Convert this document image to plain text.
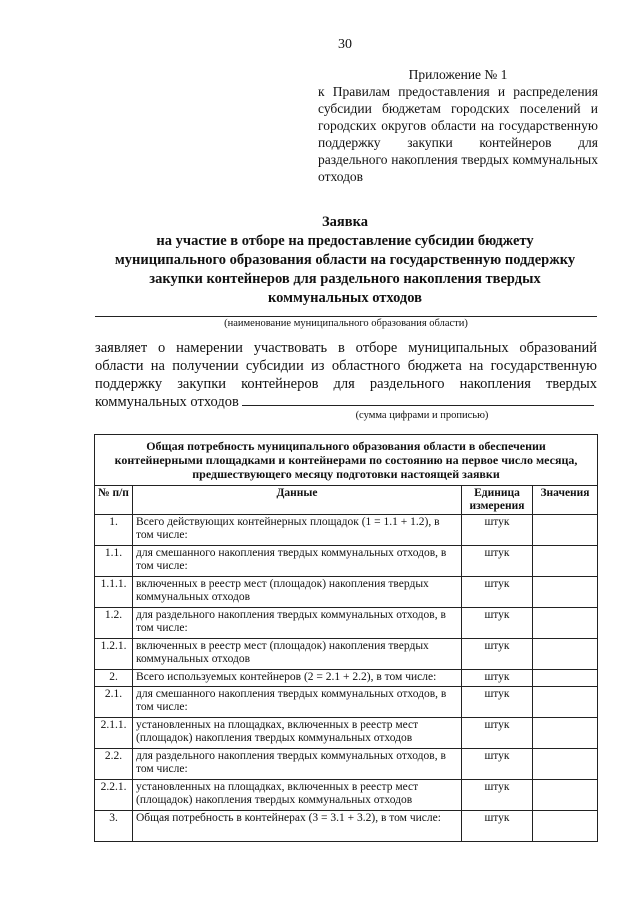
30
Приложение № 1
к Правилам предоставления и распределения субсидии бюджетам городских поселений и городских округов области на государственную поддержку закупки контейнеров для раздельного накопления твердых коммунальных отходов
Заявка
на участие в отборе на предоставление субсидии бюджету
муниципального образования области на государственную поддержку
закупки контейнеров для раздельного накопления твердых
коммунальных отходов
(наименование муниципального образования области)
заявляет о намерении участвовать в отборе муниципальных образований области на получении субсидии из областного бюджета на государственную поддержку закупки контейнеров для раздельного накопления твердых коммунальных отходов
(сумма цифрами и прописью)
Общая потребность муниципального образования области в обеспечении контейнерными площадками и контейнерами по состоянию на первое число месяца, предшествующего месяцу подготовки настоящей заявки			
№ п/п	Данные	Единица измерения	Значения
1.	Всего действующих контейнерных площадок (1 = 1.1 + 1.2), в том числе:	штук	
1.1.	для смешанного накопления твердых коммунальных отходов, в том числе:	штук	
1.1.1.	включенных в реестр мест (площадок) накопления твердых коммунальных отходов	штук	
1.2.	для раздельного накопления твердых коммунальных отходов, в том числе:	штук	
1.2.1.	включенных в реестр мест (площадок) накопления твердых коммунальных отходов	штук	
2.	Всего используемых контейнеров (2 = 2.1 + 2.2), в том числе:	штук	
2.1.	для смешанного накопления твердых коммунальных отходов, в том числе:	штук	
2.1.1.	установленных на площадках, включенных в реестр мест (площадок) накопления твердых коммунальных отходов	штук	
2.2.	для раздельного накопления твердых коммунальных отходов, в том числе:	штук	
2.2.1.	установленных на площадках, включенных в реестр мест (площадок) накопления твердых коммунальных отходов	штук	
3.	Общая потребность в контейнерах (3 = 3.1 + 3.2), в том числе:	штук	
